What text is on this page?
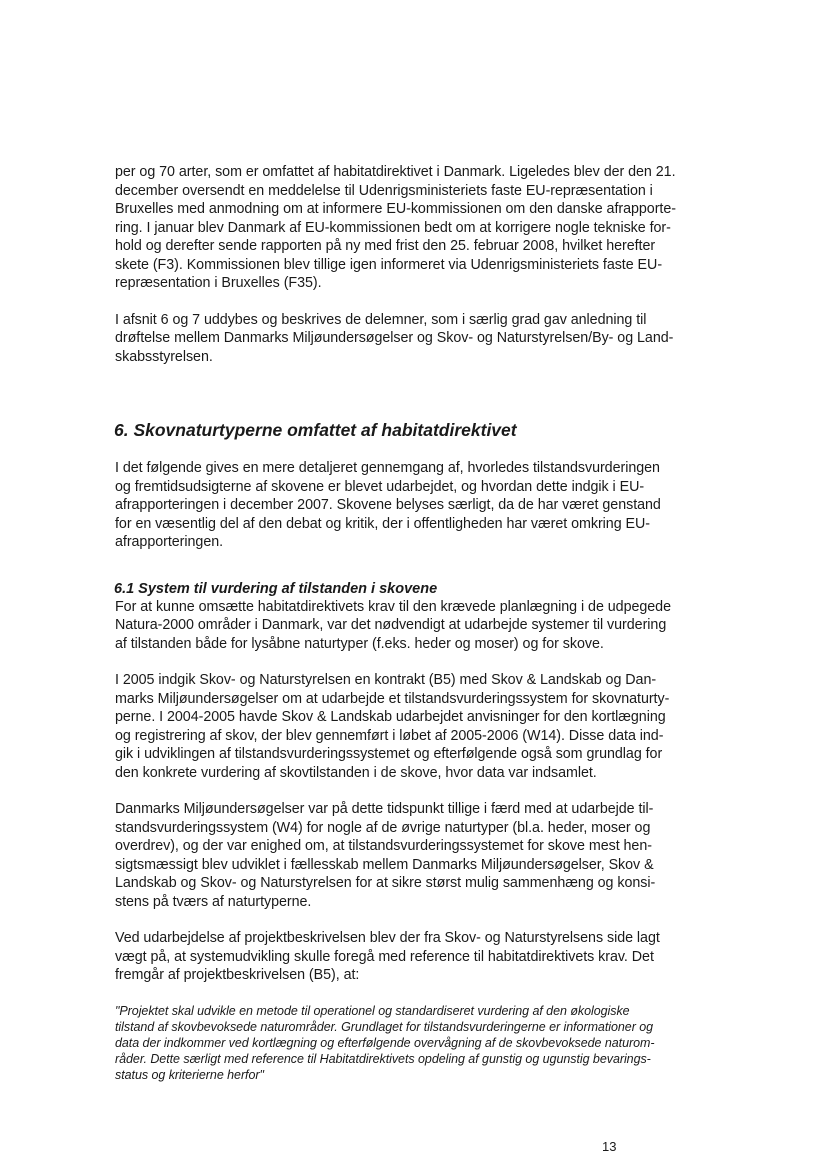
per og 70 arter, som er omfattet af habitatdirektivet i Danmark. Ligeledes blev der den 21.
december oversendt en meddelelse til Udenrigsministeriets faste EU-repræsentation i
Bruxelles med anmodning om at informere EU-kommissionen om den danske afrapporte-
ring. I januar blev Danmark af EU-kommissionen bedt om at korrigere nogle tekniske for-
hold og derefter sende rapporten på ny med frist den 25. februar 2008, hvilket herefter
skete (F3). Kommissionen blev tillige igen informeret via Udenrigsministeriets faste EU-
repræsentation i Bruxelles (F35).

I afsnit 6 og 7 uddybes og beskrives de delemner, som i særlig grad gav anledning til
drøftelse mellem Danmarks Miljøundersøgelser og Skov- og Naturstyrelsen/By- og Land-
skabsstyrelsen.

6. Skovnaturtyperne omfattet af habitatdirektivet

I det følgende gives en mere detaljeret gennemgang af, hvorledes tilstandsvurderingen
og fremtidsudsigterne af skovene er blevet udarbejdet, og hvordan dette indgik i EU-
afrapporteringen i december 2007. Skovene belyses særligt, da de har været genstand
for en væsentlig del af den debat og kritik, der i offentligheden har været omkring EU-
afrapporteringen.

6.1 System til vurdering af tilstanden i skovene

For at kunne omsætte habitatdirektivets krav til den krævede planlægning i de udpegede
Natura-2000 områder i Danmark, var det nødvendigt at udarbejde systemer til vurdering
af tilstanden både for lysåbne naturtyper (f.eks. heder og moser) og for skove.

I 2005 indgik Skov- og Naturstyrelsen en kontrakt (B5) med Skov & Landskab og Dan-
marks Miljøundersøgelser om at udarbejde et tilstandsvurderingssystem for skovnaturty-
perne. I 2004-2005 havde Skov & Landskab udarbejdet anvisninger for den kortlægning
og registrering af skov, der blev gennemført i løbet af 2005-2006 (W14). Disse data ind-
gik i udviklingen af tilstandsvurderingssystemet og efterfølgende også som grundlag for
den konkrete vurdering af skovtilstanden i de skove, hvor data var indsamlet.

Danmarks Miljøundersøgelser var på dette tidspunkt tillige i færd med at udarbejde til-
standsvurderingssystem (W4) for nogle af de øvrige naturtyper (bl.a. heder, moser og
overdrev), og der var enighed om, at tilstandsvurderingssystemet for skove mest hen-
sigtsmæssigt blev udviklet i fællesskab mellem Danmarks Miljøundersøgelser, Skov &
Landskab og Skov- og Naturstyrelsen for at sikre størst mulig sammenhæng og konsi-
stens på tværs af naturtyperne.

Ved udarbejdelse af projektbeskrivelsen blev der fra Skov- og Naturstyrelsens side lagt
vægt på, at systemudvikling skulle foregå med reference til habitatdirektivets krav. Det
fremgår af projektbeskrivelsen (B5), at:

"Projektet skal udvikle en metode til operationel og standardiseret vurdering af den økologiske
tilstand af skovbevoksede naturområder. Grundlaget for tilstandsvurderingerne er informationer og
data der indkommer ved kortlægning og efterfølgende overvågning af de skovbevoksede naturom-
råder. Dette særligt med reference til Habitatdirektivets opdeling af gunstig og ugunstig bevarings-
status og kriterierne herfor"

13
